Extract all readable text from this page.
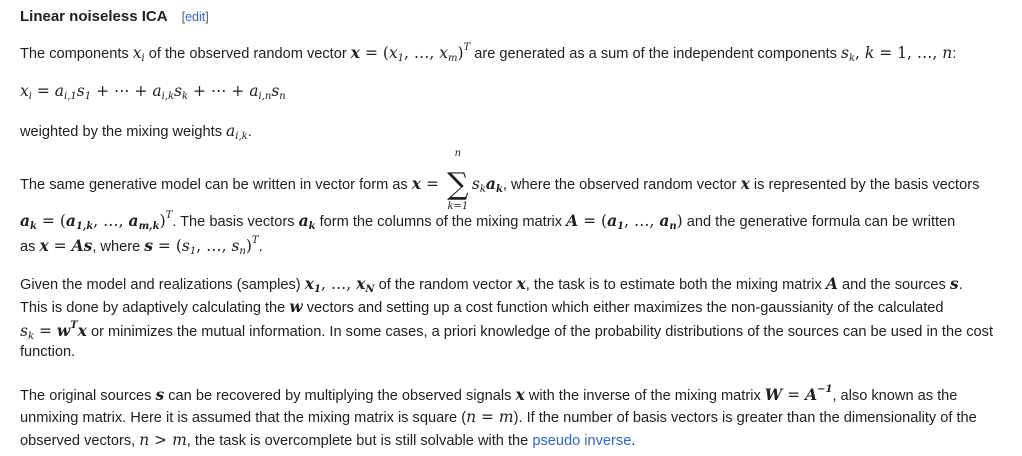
Linear noiseless ICA [edit]
The components $x_i$ of the observed random vector $x = (x_1$, …, $x_m)^T$ are generated as a sum of the independent components $s_k$, k = 1, …, n:
$x_i = a_{i,1}s_1$ + ⋯ + $a_{i,k}s_k$ + ⋯ + $a_{i,n}s_n$
weighted by the mixing weights $a_{i,k}$.
The same generative model can be written in vector form as x =
n
∑
k=1
$s_ka_k$, where the observed random vector x is represented by the basis vectors
$a_k = (a_{1,k}$, …, $a_{m,k})^T$. The basis vectors $a_k$ form the columns of the mixing matrix $A = (a_1$, …, $a_n$) and the generative formula can be written
as x = As, where $s = (s_1$, …, $s_n)^T$.
Given the model and realizations (samples) $x_1$, …, $x_N$ of the random vector x, the task is to estimate both the mixing matrix A and the sources s.
This is done by adaptively calculating the w vectors and setting up a cost function which either maximizes the non-gaussianity of the calculated
$s_k = w^Tx$ or minimizes the mutual information. In some cases, a priori knowledge of the probability distributions of the sources can be used in the cost
function.
The original sources s can be recovered by multiplying the observed signals x with the inverse of the mixing matrix $W = A^{-1}$, also known as the
unmixing matrix. Here it is assumed that the mixing matrix is square (n = m). If the number of basis vectors is greater than the dimensionality of the
observed vectors, n > m, the task is overcomplete but is still solvable with the pseudo inverse.
